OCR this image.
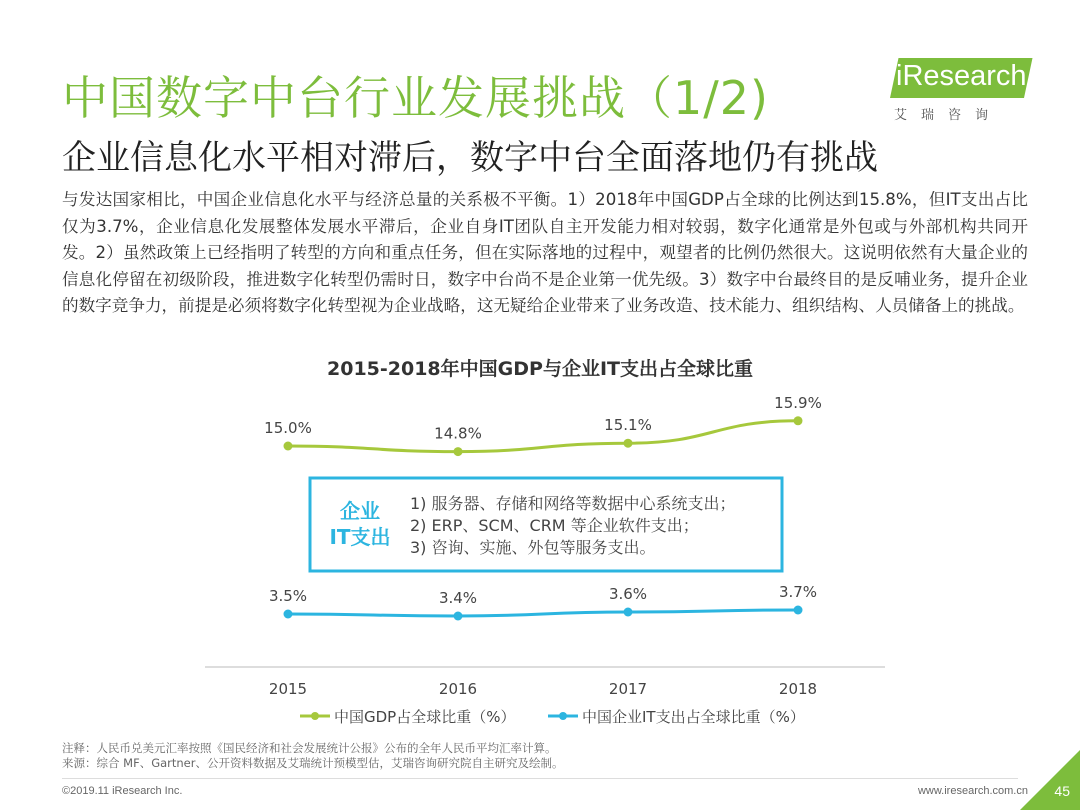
中国数字中台行业发展挑战（1/2)
企业信息化水平相对滞后，数字中台全面落地仍有挑战
iResearch
艾瑞咨询
与发达国家相比，中国企业信息化水平与经济总量的关系极不平衡。1）2018年中国GDP占全球的比例达到15.8%，但IT支出占比仅为3.7%，企业信息化发展整体发展水平滞后，企业自身IT团队自主开发能力相对较弱，数字化通常是外包或与外部机构共同开发。2）虽然政策上已经指明了转型的方向和重点任务，但在实际落地的过程中，观望者的比例仍然很大。这说明依然有大量企业的信息化停留在初级阶段，推进数字化转型仍需时日，数字中台尚不是企业第一优先级。3）数字中台最终目的是反哺业务，提升企业的数字竞争力，前提是必须将数字化转型视为企业战略，这无疑给企业带来了业务改造、技术能力、组织结构、人员储备上的挑战。
2015-2018年中国GDP与企业IT支出占全球比重
15.0%	14.8%	15.1%
15.9%
3.5%	3.4%	3.6%	3.7%
2015	2016	2017	2018
企业
IT支出
1) 服务器、存储和网络等数据中心系统支出；
2) ERP、SCM、CRM 等企业软件支出；
3) 咨询、实施、外包等服务支出。
中国GDP占全球比重（%）	中国企业IT支出占全球比重（%）
注释：人民币兑美元汇率按照《国民经济和社会发展统计公报》公布的全年人民币平均汇率计算。
来源：综合 MF、Gartner、公开资料数据及艾瑞统计预模型估，艾瑞咨询研究院自主研究及绘制。
©2019.11 iResearch Inc.	www.iresearch.com.cn 45
